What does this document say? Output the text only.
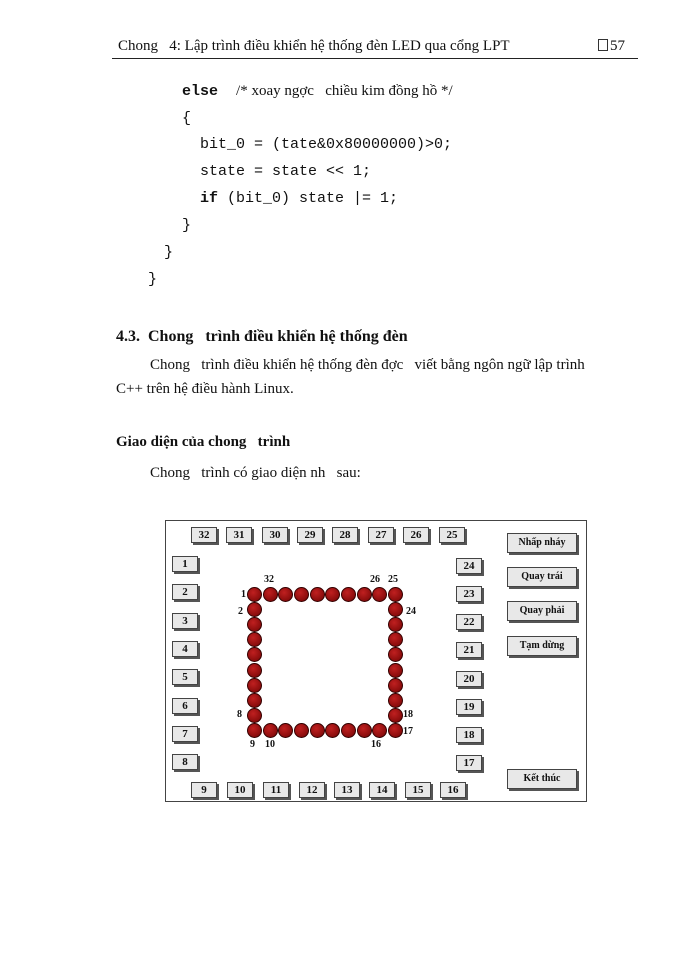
Chong   4: Lập trình điều khiển hệ thống đèn LED qua cổng LPT	57
else /* xoay ngợc   chiều kim đồng hồ */
{
bit_0 = (tate&0x80000000)>0;
state = state << 1;
if (bit_0) state |= 1;
}
}
}
4.3.  Chong   trình điều khiển hệ thống đèn
Chong   trình điều khiển hệ thống đèn đợc   viết bằng ngôn ngữ lập trình
C++ trên hệ điều hành Linux.
Giao diện của chong   trình
Chong   trình có giao diện nh   sau:
32	31	30	29	28	27	26	25
1
2
3
4
5
6
7
8
24
23
22
21
20
19
18
17
9	10	11	12	13	14	15	16
Nhấp nháy
Quay trái
Quay phải
Tạm dừng
Kết thúc
32	26 25
1
2	24
8	18
17
9 10	16
